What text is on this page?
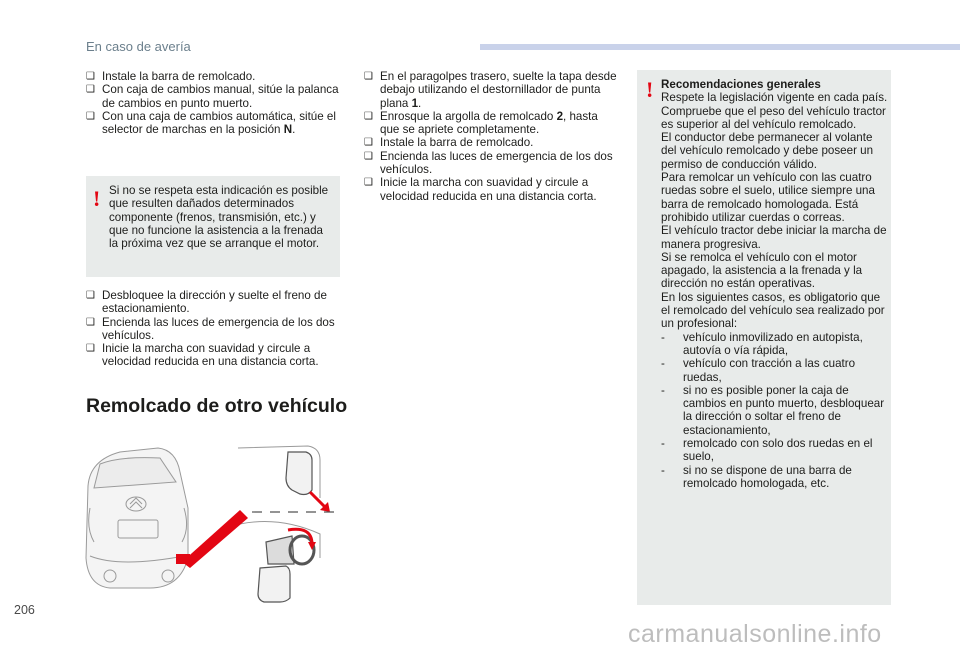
En caso de avería

❑ Instale la barra de remolcado.

❑ Con caja de cambios manual, sitúe la palanca de cambios en punto muerto.

❑ Con una caja de cambios automática, sitúe el selector de marchas en la posición N.

! Si no se respeta esta indicación es posible que resulten dañados determinados componente (frenos, transmisión, etc.) y que no funcione la asistencia a la frenada la próxima vez que se arranque el motor.

❑ Desbloquee la dirección y suelte el freno de estacionamiento.

❑ Encienda las luces de emergencia de los dos vehículos.

❑ Inicie la marcha con suavidad y circule a velocidad reducida en una distancia corta.

Remolcado de otro vehículo

❑ En el paragolpes trasero, suelte la tapa desde debajo utilizando el destornillador de punta plana 1.

❑ Enrosque la argolla de remolcado 2, hasta que se apriete completamente.

❑ Instale la barra de remolcado.

❑ Encienda las luces de emergencia de los dos vehículos.

❑ Inicie la marcha con suavidad y circule a velocidad reducida en una distancia corta.

! Recomendaciones generales

Respete la legislación vigente en cada país.

Compruebe que el peso del vehículo tractor es superior al del vehículo remolcado.

El conductor debe permanecer al volante del vehículo remolcado y debe poseer un permiso de conducción válido.

Para remolcar un vehículo con las cuatro ruedas sobre el suelo, utilice siempre una barra de remolcado homologada. Está prohibido utilizar cuerdas o correas.

El vehículo tractor debe iniciar la marcha de manera progresiva.

Si se remolca el vehículo con el motor apagado, la asistencia a la frenada y la dirección no están operativas.

En los siguientes casos, es obligatorio que el remolcado del vehículo sea realizado por un profesional:

- vehículo inmovilizado en autopista, autovía o vía rápida,

- vehículo con tracción a las cuatro ruedas,

- si no es posible poner la caja de cambios en punto muerto, desbloquear la dirección o soltar el freno de estacionamiento,

- remolcado con solo dos ruedas en el suelo,

- si no se dispone de una barra de remolcado homologada, etc.

206
carmanualsonline.info
